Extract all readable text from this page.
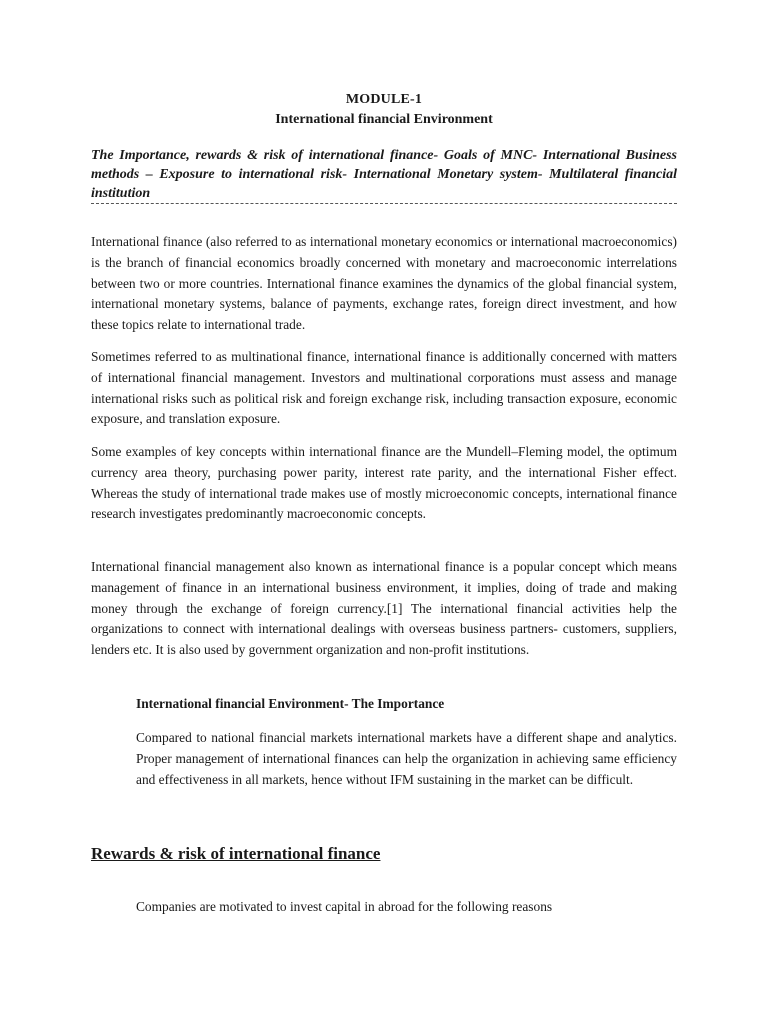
MODULE-1
International financial Environment
The Importance, rewards & risk of international finance- Goals of MNC- International Business methods – Exposure to international risk- International Monetary system- Multilateral financial institution

International finance (also referred to as international monetary economics or international macroeconomics) is the branch of financial economics broadly concerned with monetary and macroeconomic interrelations between two or more countries. International finance examines the dynamics of the global financial system, international monetary systems, balance of payments, exchange rates, foreign direct investment, and how these topics relate to international trade.

Sometimes referred to as multinational finance, international finance is additionally concerned with matters of international financial management. Investors and multinational corporations must assess and manage international risks such as political risk and foreign exchange risk, including transaction exposure, economic exposure, and translation exposure.

Some examples of key concepts within international finance are the Mundell–Fleming model, the optimum currency area theory, purchasing power parity, interest rate parity, and the international Fisher effect. Whereas the study of international trade makes use of mostly microeconomic concepts, international finance research investigates predominantly macroeconomic concepts.

International financial management also known as international finance is a popular concept which means management of finance in an international business environment, it implies, doing of trade and making money through the exchange of foreign currency.[1] The international financial activities help the organizations to connect with international dealings with overseas business partners- customers, suppliers, lenders etc. It is also used by government organization and non-profit institutions.

International financial Environment- The Importance

Compared to national financial markets international markets have a different shape and analytics. Proper management of international finances can help the organization in achieving same efficiency and effectiveness in all markets, hence without IFM sustaining in the market can be difficult.

Rewards & risk of international finance

Companies are motivated to invest capital in abroad for the following reasons
